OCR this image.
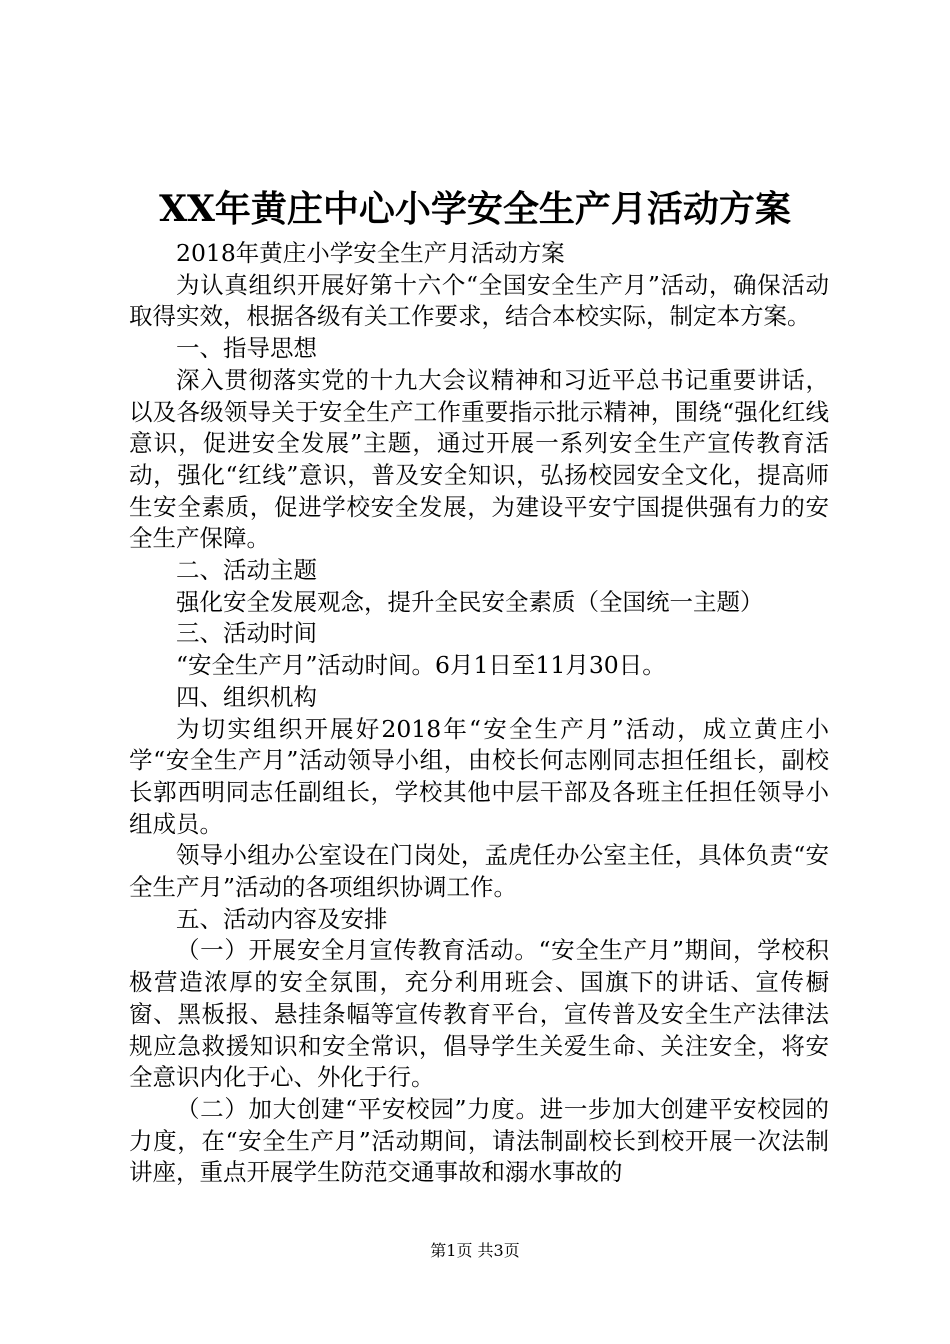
XX年黄庄中心小学安全生产月活动方案

2018年黄庄小学安全生产月活动方案

为认真组织开展好第十六个“全国安全生产月”活动，确保活动取得实效，根据各级有关工作要求，结合本校实际，制定本方案。

一、指导思想

深入贯彻落实党的十九大会议精神和习近平总书记重要讲话，以及各级领导关于安全生产工作重要指示批示精神，围绕“强化红线意识，促进安全发展”主题，通过开展一系列安全生产宣传教育活动，强化“红线”意识，普及安全知识，弘扬校园安全文化，提高师生安全素质，促进学校安全发展，为建设平安宁国提供强有力的安全生产保障。

二、活动主题

强化安全发展观念，提升全民安全素质（全国统一主题）

三、活动时间

“安全生产月”活动时间。6月1日至11月30日。

四、组织机构

为切实组织开展好2018年“安全生产月”活动，成立黄庄小学“安全生产月”活动领导小组，由校长何志刚同志担任组长，副校长郭西明同志任副组长，学校其他中层干部及各班主任担任领导小组成员。

领导小组办公室设在门岗处，孟虎任办公室主任，具体负责“安全生产月”活动的各项组织协调工作。

五、活动内容及安排

（一）开展安全月宣传教育活动。“安全生产月”期间，学校积极营造浓厚的安全氛围，充分利用班会、国旗下的讲话、宣传橱窗、黑板报、悬挂条幅等宣传教育平台，宣传普及安全生产法律法规应急救援知识和安全常识，倡导学生关爱生命、关注安全，将安全意识内化于心、外化于行。

（二）加大创建“平安校园”力度。进一步加大创建平安校园的力度，在“安全生产月”活动期间，请法制副校长到校开展一次法制讲座，重点开展学生防范交通事故和溺水事故的

第1页 共3页
